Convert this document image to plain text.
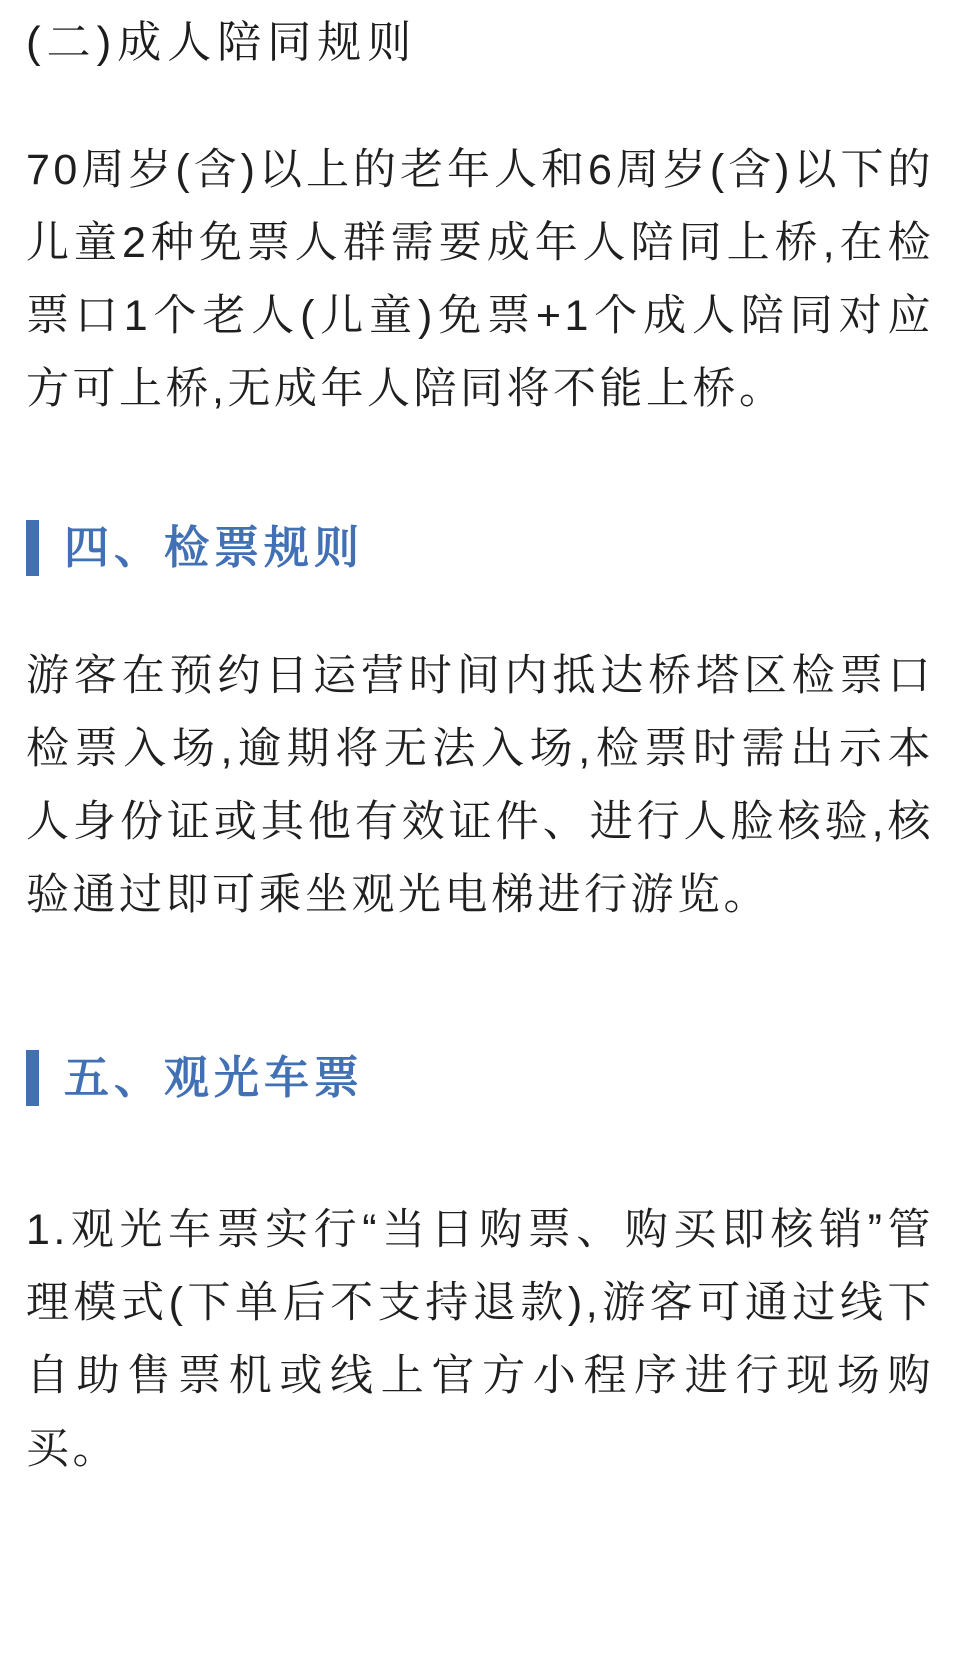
(二)成人陪同规则

70周岁(含)以上的老年人和6周岁(含)以下的儿童2种免票人群需要成年人陪同上桥,在检票口1个老人(儿童)免票+1个成人陪同对应方可上桥,无成年人陪同将不能上桥。

四、检票规则

游客在预约日运营时间内抵达桥塔区检票口检票入场,逾期将无法入场,检票时需出示本人身份证或其他有效证件、进行人脸核验,核验通过即可乘坐观光电梯进行游览。

五、观光车票

1.观光车票实行“当日购票、购买即核销”管理模式(下单后不支持退款),游客可通过线下自助售票机或线上官方小程序进行现场购买。
